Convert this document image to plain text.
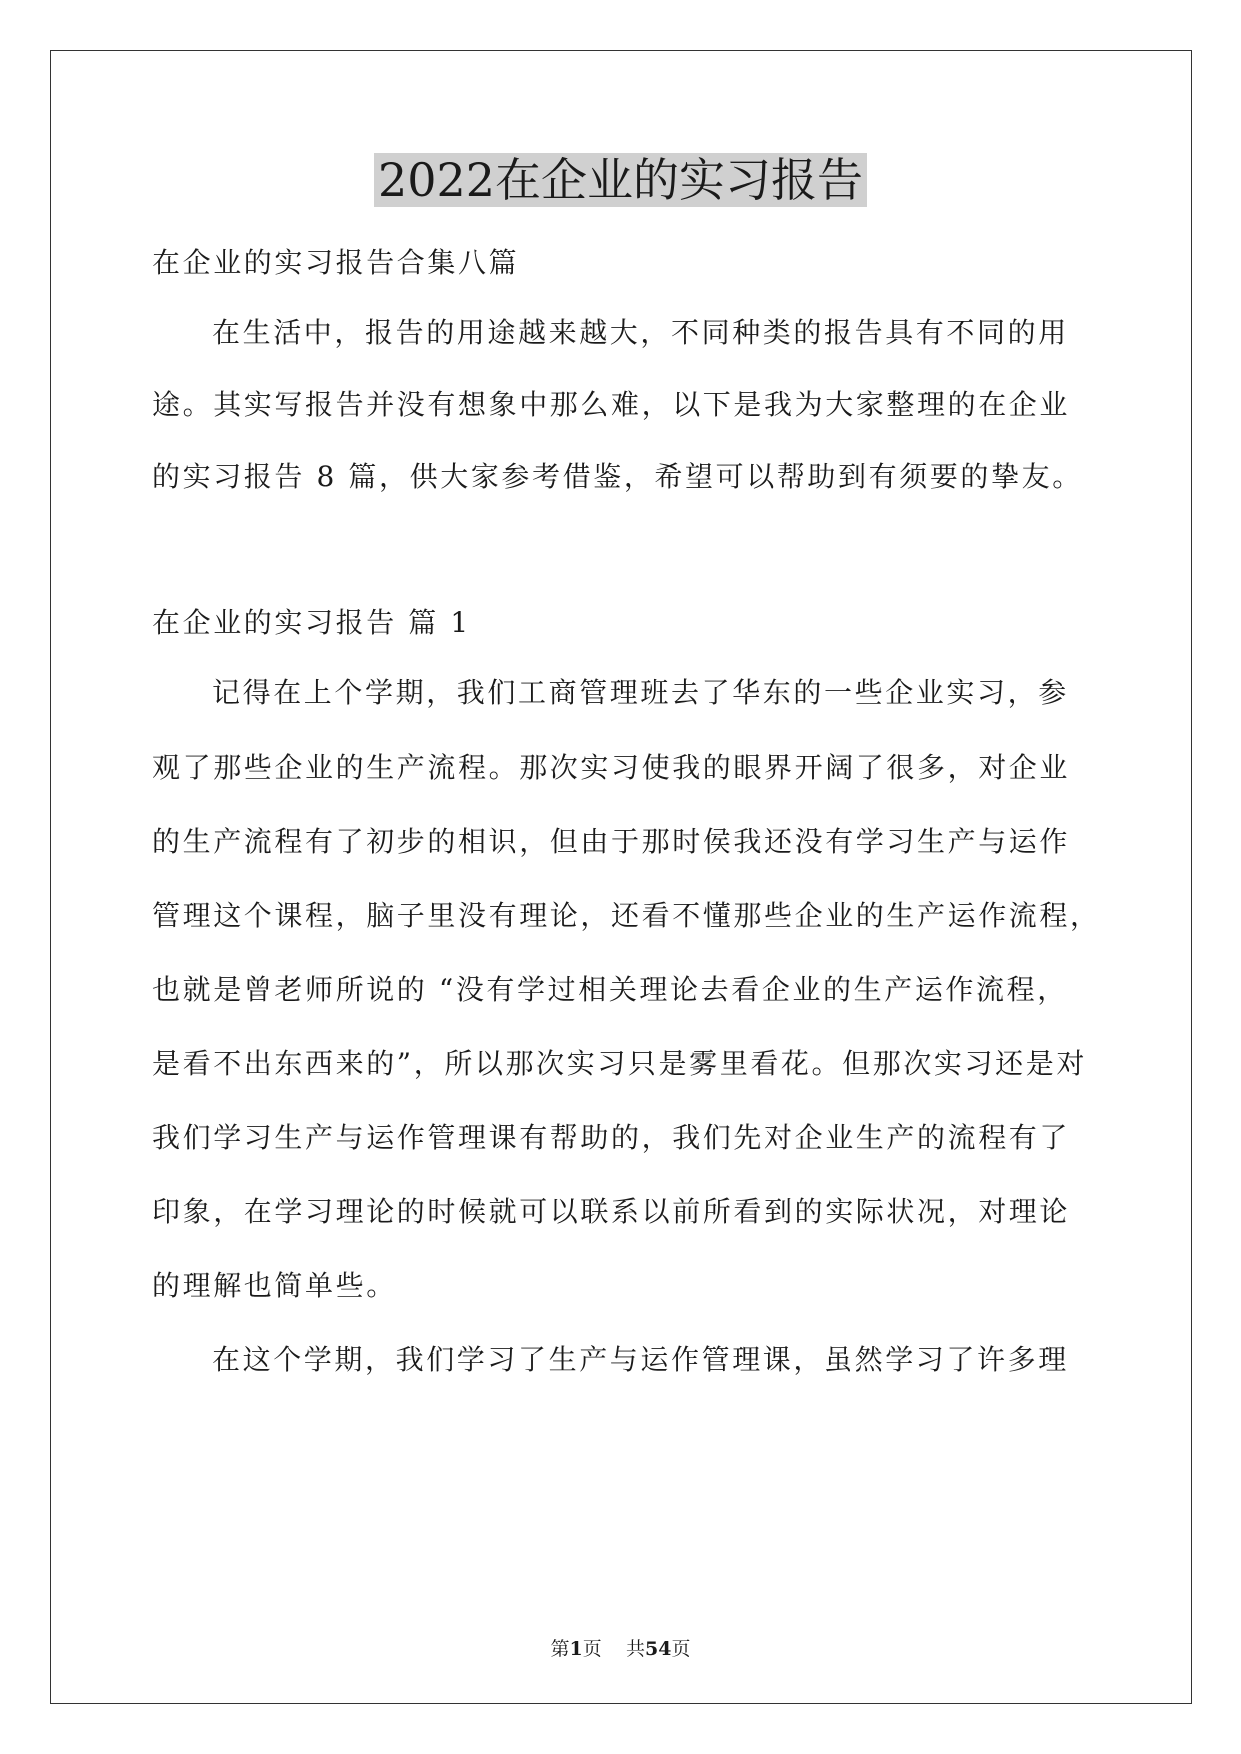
2022在企业的实习报告

在企业的实习报告合集八篇

在生活中，报告的用途越来越大，不同种类的报告具有不同的用

途。其实写报告并没有想象中那么难，以下是我为大家整理的在企业

的实习报告 8 篇，供大家参考借鉴，希望可以帮助到有须要的挚友。

在企业的实习报告 篇 1

记得在上个学期，我们工商管理班去了华东的一些企业实习，参

观了那些企业的生产流程。那次实习使我的眼界开阔了很多，对企业

的生产流程有了初步的相识，但由于那时侯我还没有学习生产与运作

管理这个课程，脑子里没有理论，还看不懂那些企业的生产运作流程，

也就是曾老师所说的 “没有学过相关理论去看企业的生产运作流程，

是看不出东西来的”，所以那次实习只是雾里看花。但那次实习还是对

我们学习生产与运作管理课有帮助的，我们先对企业生产的流程有了

印象，在学习理论的时候就可以联系以前所看到的实际状况，对理论

的理解也简单些。

在这个学期，我们学习了生产与运作管理课，虽然学习了许多理

第1页 共54页
